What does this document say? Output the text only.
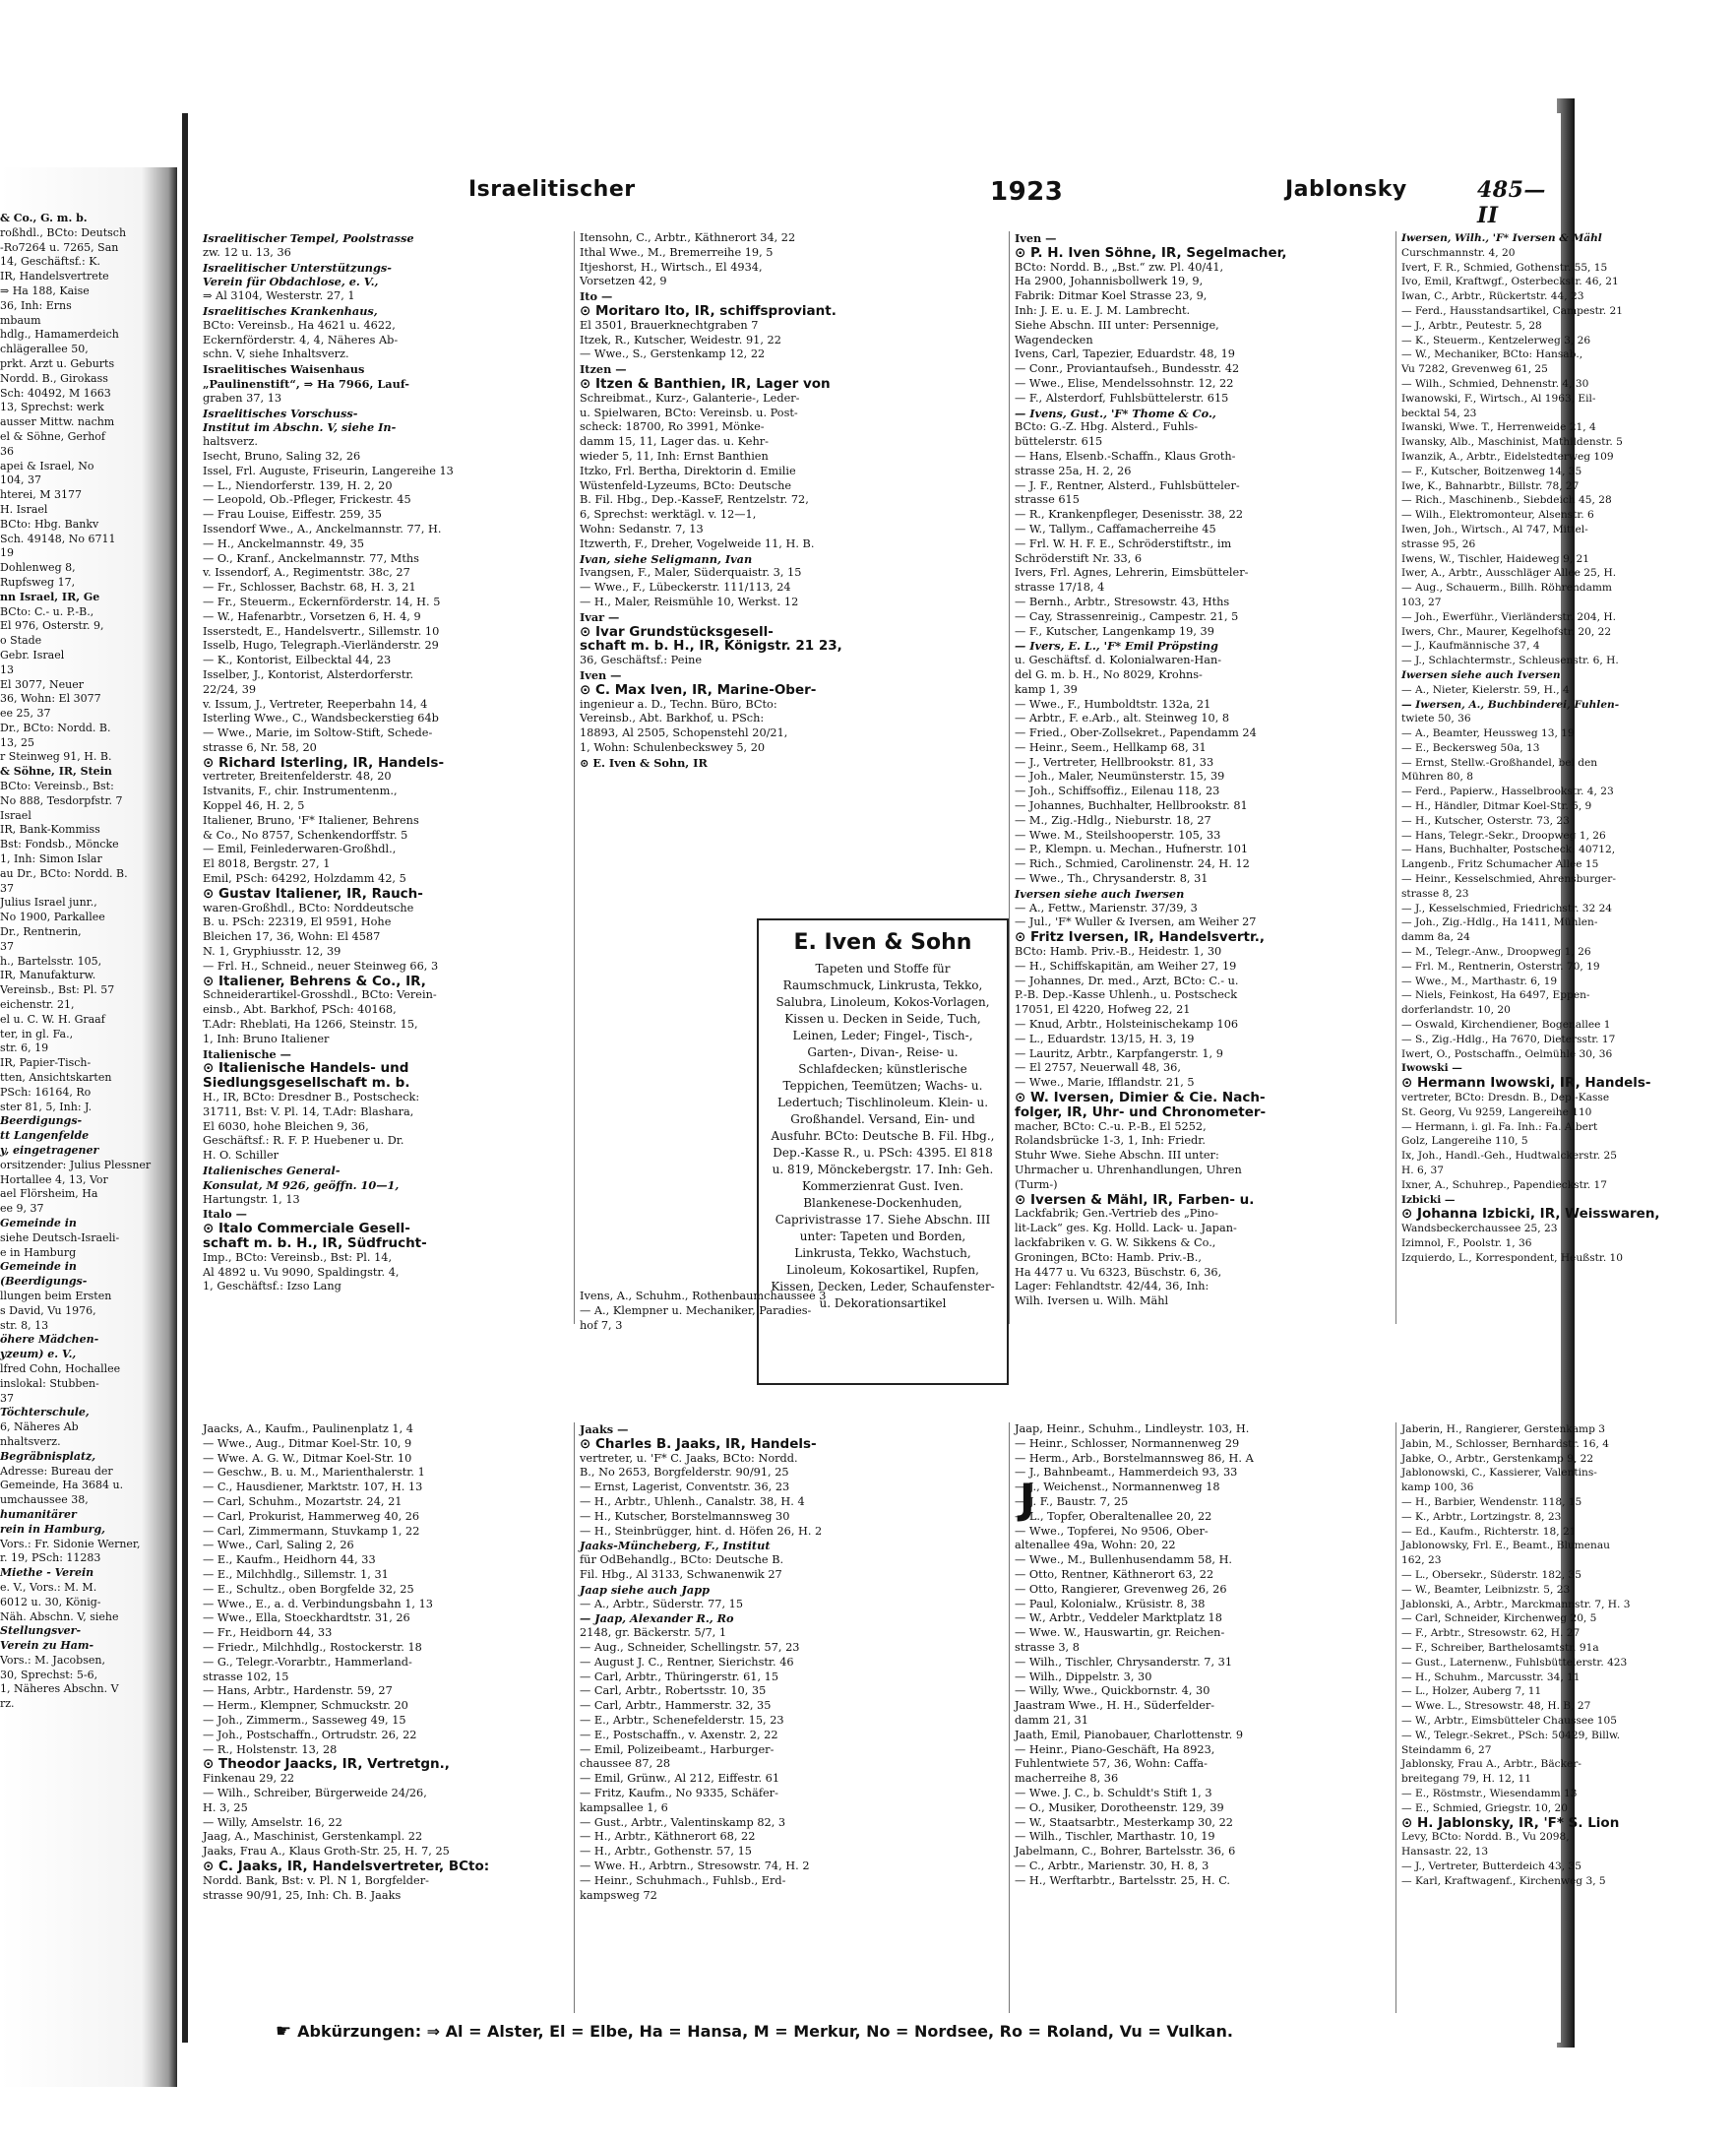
& Co., G. m. b.
roßhdl., BCto: Deutsch
-Ro7264 u. 7265, San
14, Geschäftsf.: K.
IR, Handelsvertrete
⇒ Ha 188, Kaise
36, Inh: Erns
mbaum
hdlg., Hamamerdeich
chlägerallee 50,
prkt. Arzt u. Geburts
Nordd. B., Girokass
Sch: 40492, M 1663
13, Sprechst: werk
ausser Mittw. nachm
el & Söhne, Gerhof
36
apei & Israel, No
104, 37
hterei, M 3177
H. Israel
BCto: Hbg. Bankv
Sch. 49148, No 6711
19
Dohlenweg 8,
Rupfsweg 17,
nn Israel, IR, Ge
BCto: C.- u. P.-B.,
El 976, Osterstr. 9,
o Stade
Gebr. Israel
13
El 3077, Neuer
36, Wohn: El 3077
ee 25, 37
Dr., BCto: Nordd. B.
13, 25
r Steinweg 91, H. B.
& Söhne, IR, Stein
BCto: Vereinsb., Bst:
No 888, Tesdorpfstr. 7
Israel
IR, Bank-Kommiss
Bst: Fondsb., Möncke
1, Inh: Simon Islar
au Dr., BCto: Nordd. B.
37
Julius Israel junr.,
No 1900, Parkallee
Dr., Rentnerin,
37
h., Bartelsstr. 105,
IR, Manufakturw.
Vereinsb., Bst: Pl. 57
eichenstr. 21,
el u. C. W. H. Graaf
ter, in gl. Fa.,
str. 6, 19
IR, Papier-Tisch-
tten, Ansichtskarten
PSch: 16164, Ro
ster 81, 5, Inh: J.
Beerdigungs-
tt Langenfelde
y, eingetragener
orsitzender: Julius Plessner
Hortallee 4, 13, Vor
ael Flörsheim, Ha
ee 9, 37
Gemeinde in
siehe Deutsch-Israeli-
e in Hamburg
Gemeinde in
(Beerdigungs-
llungen beim Ersten
s David, Vu 1976,
str. 8, 13
öhere Mädchen-
yzeum) e. V.,
lfred Cohn, Hochallee
inslokal: Stubben-
37
Töchterschule,
6, Näheres Ab
nhaltsverz.
Begräbnisplatz,
Adresse: Bureau der
Gemeinde, Ha 3684 u.
umchaussee 38,
humanitärer
rein in Hamburg,
Vors.: Fr. Sidonie Werner,
r. 19, PSch: 11283
Miethe - Verein
e. V., Vors.: M. M.
6012 u. 30, König-
Näh. Abschn. V, siehe
Stellungsver-
Verein zu Ham-
Vors.: M. Jacobsen,
30, Sprechst: 5-6,
1, Näheres Abschn. V
rz.
Israelitischer	1923	Jablonsky	485—II
Israelitischer Tempel, Poolstrasse
zw. 12 u. 13, 36
Israelitischer Unterstützungs-
Verein für Obdachlose, e. V.,
⇒ Al 3104, Westerstr. 27, 1
Israelitisches Krankenhaus,
BCto: Vereinsb., Ha 4621 u. 4622,
Eckernförderstr. 4, 4, Näheres Ab-
schn. V, siehe Inhaltsverz.
Israelitisches Waisenhaus
„Paulinenstift“, ⇒ Ha 7966, Lauf-
graben 37, 13
Israelitisches Vorschuss-
Institut im Abschn. V, siehe In-
haltsverz.
Isecht, Bruno, Saling 32, 26
Issel, Frl. Auguste, Friseurin, Langereihe 13
— L., Niendorferstr. 139, H. 2, 20
— Leopold, Ob.-Pfleger, Frickestr. 45
— Frau Louise, Eiffestr. 259, 35
Issendorf Wwe., A., Anckelmannstr. 77, H.
— H., Anckelmannstr. 49, 35
— O., Kranf., Anckelmannstr. 77, Mths
v. Issendorf, A., Regimentstr. 38c, 27
— Fr., Schlosser, Bachstr. 68, H. 3, 21
— Fr., Steuerm., Eckernförderstr. 14, H. 5
— W., Hafenarbtr., Vorsetzen 6, H. 4, 9
Isserstedt, E., Handelsvertr., Sillemstr. 10
Isselb, Hugo, Telegraph.-Vierländerstr. 29
— K., Kontorist, Eilbecktal 44, 23
Isselber, J., Kontorist, Alsterdorferstr.
22/24, 39
v. Issum, J., Vertreter, Reeperbahn 14, 4
Isterling Wwe., C., Wandsbeckerstieg 64b
— Wwe., Marie, im Soltow-Stift, Schede-
strasse 6, Nr. 58, 20
⊙ Richard Isterling, IR, Handels-
vertreter, Breitenfelderstr. 48, 20
Istvanits, F., chir. Instrumentenm.,
Koppel 46, H. 2, 5
Italiener, Bruno, 'F* Italiener, Behrens
& Co., No 8757, Schenkendorffstr. 5
— Emil, Feinlederwaren-Großhdl.,
El 8018, Bergstr. 27, 1
Emil, PSch: 64292, Holzdamm 42, 5
⊙ Gustav Italiener, IR, Rauch-
waren-Großhdl., BCto: Norddeutsche
B. u. PSch: 22319, El 9591, Hohe
Bleichen 17, 36, Wohn: El 4587
N. 1, Gryphiusstr. 12, 39
— Frl. H., Schneid., neuer Steinweg 66, 3
⊙ Italiener, Behrens & Co., IR,
Schneiderartikel-Grosshdl., BCto: Verein-
einsb., Abt. Barkhof, PSch: 40168,
T.Adr: Rheblati, Ha 1266, Steinstr. 15,
1, Inh: Bruno Italiener
Italienische —
⊙ Italienische Handels- und
Siedlungsgesellschaft m. b.
H., IR, BCto: Dresdner B., Postscheck:
31711, Bst: V. Pl. 14, T.Adr: Blashara,
El 6030, hohe Bleichen 9, 36,
Geschäftsf.: R. F. P. Huebener u. Dr.
H. O. Schiller
Italienisches General-
Konsulat, M 926, geöffn. 10—1,
Hartungstr. 1, 13
Italo —
⊙ Italo Commerciale Gesell-
schaft m. b. H., IR, Südfrucht-
Imp., BCto: Vereinsb., Bst: Pl. 14,
Al 4892 u. Vu 9090, Spaldingstr. 4,
1, Geschäftsf.: Izso Lang
Itensohn, C., Arbtr., Käthnerort 34, 22
Ithal Wwe., M., Bremerreihe 19, 5
Itjeshorst, H., Wirtsch., El 4934,
Vorsetzen 42, 9
Ito —
⊙ Moritaro Ito, IR, schiffsproviant.
El 3501, Brauerknechtgraben 7
Itzek, R., Kutscher, Weidestr. 91, 22
— Wwe., S., Gerstenkamp 12, 22
Itzen —
⊙ Itzen & Banthien, IR, Lager von
Schreibmat., Kurz-, Galanterie-, Leder-
u. Spielwaren, BCto: Vereinsb. u. Post-
scheck: 18700, Ro 3991, Mönke-
damm 15, 11, Lager das. u. Kehr-
wieder 5, 11, Inh: Ernst Banthien
Itzko, Frl. Bertha, Direktorin d. Emilie
Wüstenfeld-Lyzeums, BCto: Deutsche
B. Fil. Hbg., Dep.-KasseF, Rentzelstr. 72,
6, Sprechst: werktägl. v. 12—1,
Wohn: Sedanstr. 7, 13
Itzwerth, F., Dreher, Vogelweide 11, H. B.
Ivan, siehe Seligmann, Ivan
Ivangsen, F., Maler, Süderquaistr. 3, 15
— Wwe., F., Lübeckerstr. 111/113, 24
— H., Maler, Reismühle 10, Werkst. 12
Ivar —
⊙ Ivar Grundstücksgesell-
schaft m. b. H., IR, Königstr. 21 23,
36, Geschäftsf.: Peine
Iven —
⊙ C. Max Iven, IR, Marine-Ober-
ingenieur a. D., Techn. Büro, BCto:
Vereinsb., Abt. Barkhof, u. PSch:
18893, Al 2505, Schopenstehl 20/21,
1, Wohn: Schulenbeckswey 5, 20
⊙ E. Iven & Sohn, IR
Ivens, A., Schuhm., Rothenbaumchaussee 3
— A., Klempner u. Mechaniker, Paradies-
hof 7, 3
Iven —
⊙ P. H. Iven Söhne, IR, Segelmacher,
BCto: Nordd. B., „Bst.“ zw. Pl. 40/41,
Ha 2900, Johannisbollwerk 19, 9,
Fabrik: Ditmar Koel Strasse 23, 9,
Inh: J. E. u. E. J. M. Lambrecht.
Siehe Abschn. III unter: Persennige,
Wagendecken
Ivens, Carl, Tapezier, Eduardstr. 48, 19
— Conr., Proviantaufseh., Bundesstr. 42
— Wwe., Elise, Mendelssohnstr. 12, 22
— F., Alsterdorf, Fuhlsbüttelerstr. 615
— Ivens, Gust., 'F* Thome & Co.,
BCto: G.-Z. Hbg. Alsterd., Fuhls-
büttelerstr. 615
— Hans, Elsenb.-Schaffn., Klaus Groth-
strasse 25a, H. 2, 26
— J. F., Rentner, Alsterd., Fuhlsbütteler-
strasse 615
— R., Krankenpfleger, Desenisstr. 38, 22
— W., Tallym., Caffamacherreihe 45
— Frl. W. H. F. E., Schröderstiftstr., im
Schröderstift Nr. 33, 6
Ivers, Frl. Agnes, Lehrerin, Eimsbütteler-
strasse 17/18, 4
— Bernh., Arbtr., Stresowstr. 43, Hths
— Cay, Strassenreinig., Campestr. 21, 5
— F., Kutscher, Langenkamp 19, 39
— Ivers, E. L., 'F* Emil Pröpsting
u. Geschäftsf. d. Kolonialwaren-Han-
del G. m. b. H., No 8029, Krohns-
kamp 1, 39
— Wwe., F., Humboldtstr. 132a, 21
— Arbtr., F. e.Arb., alt. Steinweg 10, 8
— Fried., Ober-Zollsekret., Papendamm 24
— Heinr., Seem., Hellkamp 68, 31
— J., Vertreter, Hellbrookstr. 81, 33
— Joh., Maler, Neumünsterstr. 15, 39
— Joh., Schiffsoffiz., Eilenau 118, 23
— Johannes, Buchhalter, Hellbrookstr. 81
— M., Zig.-Hdlg., Nieburstr. 18, 27
— Wwe. M., Steilshooperstr. 105, 33
— P., Klempn. u. Mechan., Hufnerstr. 101
— Rich., Schmied, Carolinenstr. 24, H. 12
— Wwe., Th., Chrysanderstr. 8, 31
Iversen siehe auch Iwersen
— A., Fettw., Marienstr. 37/39, 3
— Jul., 'F* Wuller & Iversen, am Weiher 27
⊙ Fritz Iversen, IR, Handelsvertr.,
BCto: Hamb. Priv.-B., Heidestr. 1, 30
— H., Schiffskapitän, am Weiher 27, 19
— Johannes, Dr. med., Arzt, BCto: C.- u.
P.-B. Dep.-Kasse Uhlenh., u. Postscheck
17051, El 4220, Hofweg 22, 21
— Knud, Arbtr., Holsteinischekamp 106
— L., Eduardstr. 13/15, H. 3, 19
— Lauritz, Arbtr., Karpfangerstr. 1, 9
— El 2757, Neuerwall 48, 36,
— Wwe., Marie, Ifflandstr. 21, 5
⊙ W. Iversen, Dimier & Cie. Nach-
folger, IR, Uhr- und Chronometer-
macher, BCto: C.-u. P.-B., El 5252,
Rolandsbrücke 1-3, 1, Inh: Friedr.
Stuhr Wwe. Siehe Abschn. III unter:
Uhrmacher u. Uhrenhandlungen, Uhren
(Turm-)
⊙ Iversen & Mähl, IR, Farben- u.
Lackfabrik; Gen.-Vertrieb des „Pino-
lit-Lack“ ges. Kg. Holld. Lack- u. Japan-
lackfabriken v. G. W. Sikkens & Co.,
Groningen, BCto: Hamb. Priv.-B.,
Ha 4477 u. Vu 6323, Büschstr. 6, 36,
Lager: Fehlandtstr. 42/44, 36, Inh:
Wilh. Iversen u. Wilh. Mähl
Iwersen, Wilh., 'F* Iversen & Mähl
Curschmannstr. 4, 20
Ivert, F. R., Schmied, Gothenstr. 55, 15
Ivo, Emil, Kraftwgf., Osterbeckstr. 46, 21
Iwan, C., Arbtr., Rückertstr. 44, 23
— Ferd., Hausstandsartikel, Campestr. 21
— J., Arbtr., Peutestr. 5, 28
— K., Steuerm., Kentzelerweg 3, 26
— W., Mechaniker, BCto: Hansab.,
Vu 7282, Grevenweg 61, 25
— Wilh., Schmied, Dehnenstr. 4, 30
Iwanowski, F., Wirtsch., Al 1963, Eil-
becktal 54, 23
Iwanski, Wwe. T., Herrenweide 21, 4
Iwansky, Alb., Maschinist, Mathildenstr. 5
Iwanzik, A., Arbtr., Eidelstedterweg 109
— F., Kutscher, Boitzenweg 14, 35
Iwe, K., Bahnarbtr., Billstr. 78, 27
— Rich., Maschinenb., Siebdeich 45, 28
— Wilh., Elektromonteur, Alsenstr. 6
Iwen, Joh., Wirtsch., Al 747, Mittel-
strasse 95, 26
Iwens, W., Tischler, Haideweg 9, 21
Iwer, A., Arbtr., Ausschläger Allee 25, H.
— Aug., Schauerm., Billh. Röhrendamm
103, 27
— Joh., Ewerführ., Vierländerstr. 204, H.
Iwers, Chr., Maurer, Kegelhofstr. 20, 22
— J., Kaufmännische 37, 4
— J., Schlachtermstr., Schleusenstr. 6, H.
Iwersen siehe auch Iversen
— A., Nieter, Kielerstr. 59, H., 4
— Iwersen, A., Buchbinderei, Fuhlen-
twiete 50, 36
— A., Beamter, Heussweg 13, 19
— E., Beckersweg 50a, 13
— Ernst, Stellw.-Großhandel, bei den
Mühren 80, 8
— Ferd., Papierw., Hasselbrookstr. 4, 23
— H., Händler, Ditmar Koel-Str. 5, 9
— H., Kutscher, Osterstr. 73, 23
— Hans, Telegr.-Sekr., Droopweg 1, 26
— Hans, Buchhalter, Postscheck: 40712,
Langenb., Fritz Schumacher Allee 15
— Heinr., Kesselschmied, Ahrensburger-
strasse 8, 23
— J., Kesselschmied, Friedrichstr. 32 24
— Joh., Zig.-Hdlg., Ha 1411, Mühlen-
damm 8a, 24
— M., Telegr.-Anw., Droopweg 1, 26
— Frl. M., Rentnerin, Osterstr. 70, 19
— Wwe., M., Marthastr. 6, 19
— Niels, Feinkost, Ha 6497, Eppen-
dorferlandstr. 10, 20
— Oswald, Kirchendiener, Bogenallee 1
— S., Zig.-Hdlg., Ha 7670, Dietersstr. 17
Iwert, O., Postschaffn., Oelmühle 30, 36
Iwowski —
⊙ Hermann Iwowski, IR, Handels-
vertreter, BCto: Dresdn. B., Dep.-Kasse
St. Georg, Vu 9259, Langereihe 110
— Hermann, i. gl. Fa. Inh.: Fa. Albert
Golz, Langereihe 110, 5
Ix, Joh., Handl.-Geh., Hudtwalckerstr. 25
H. 6, 37
Ixner, A., Schuhrep., Papendieckstr. 17
Izbicki —
⊙ Johanna Izbicki, IR, Weisswaren,
Wandsbeckerchaussee 25, 23
Izimnol, F., Poolstr. 1, 36
Izquierdo, L., Korrespondent, Heußstr. 10
E. Iven & Sohn
Tapeten und Stoffe für Raumschmuck, Linkrusta, Tekko, Salubra, Linoleum, Kokos-Vorlagen, Kissen u. Decken in Seide, Tuch, Leinen, Leder; Fingel-, Tisch-, Garten-, Divan-, Reise- u. Schlafdecken; künstlerische Teppichen, Teemützen; Wachs- u. Ledertuch; Tischlinoleum. Klein- u. Großhandel. Versand, Ein- und Ausfuhr. BCto: Deutsche B. Fil. Hbg., Dep.-Kasse R., u. PSch: 4395. El 818 u. 819, Mönckebergstr. 17. Inh: Geh. Kommerzienrat Gust. Iven. Blankenese-Dockenhuden, Caprivistrasse 17. Siehe Abschn. III unter: Tapeten und Borden, Linkrusta, Tekko, Wachstuch, Linoleum, Kokosartikel, Rupfen, Kissen, Decken, Leder, Schaufenster- u. Dekorationsartikel
J
Jaacks, A., Kaufm., Paulinenplatz 1, 4
— Wwe., Aug., Ditmar Koel-Str. 10, 9
— Wwe. A. G. W., Ditmar Koel-Str. 10
— Geschw., B. u. M., Marienthalerstr. 1
— C., Hausdiener, Marktstr. 107, H. 13
— Carl, Schuhm., Mozartstr. 24, 21
— Carl, Prokurist, Hammerweg 40, 26
— Carl, Zimmermann, Stuvkamp 1, 22
— Wwe., Carl, Saling 2, 26
— E., Kaufm., Heidhorn 44, 33
— E., Milchhdlg., Sillemstr. 1, 31
— E., Schultz., oben Borgfelde 32, 25
— Wwe., E., a. d. Verbindungsbahn 1, 13
— Wwe., Ella, Stoeckhardtstr. 31, 26
— Fr., Heidborn 44, 33
— Friedr., Milchhdlg., Rostockerstr. 18
— G., Telegr.-Vorarbtr., Hammerland-
strasse 102, 15
— Hans, Arbtr., Hardenstr. 59, 27
— Herm., Klempner, Schmuckstr. 20
— Joh., Zimmerm., Sasseweg 49, 15
— Joh., Postschaffn., Ortrudstr. 26, 22
— R., Holstenstr. 13, 28
⊙ Theodor Jaacks, IR, Vertretgn.,
Finkenau 29, 22
— Wilh., Schreiber, Bürgerweide 24/26,
H. 3, 25
— Willy, Amselstr. 16, 22
Jaag, A., Maschinist, Gerstenkampl. 22
Jaaks, Frau A., Klaus Groth-Str. 25, H. 7, 25
⊙ C. Jaaks, IR, Handelsvertreter, BCto:
Nordd. Bank, Bst: v. Pl. N 1, Borgfelder-
strasse 90/91, 25, Inh: Ch. B. Jaaks
Jaaks —
⊙ Charles B. Jaaks, IR, Handels-
vertreter, u. 'F* C. Jaaks, BCto: Nordd.
B., No 2653, Borgfelderstr. 90/91, 25
— Ernst, Lagerist, Conventstr. 36, 23
— H., Arbtr., Uhlenh., Canalstr. 38, H. 4
— H., Kutscher, Borstelmannsweg 30
— H., Steinbrügger, hint. d. Höfen 26, H. 2
Jaaks-Müncheberg, F., Institut
für OdBehandlg., BCto: Deutsche B.
Fil. Hbg., Al 3133, Schwanenwik 27
Jaap siehe auch Japp
— A., Arbtr., Süderstr. 77, 15
— Jaap, Alexander R., Ro
2148, gr. Bäckerstr. 5/7, 1
— Aug., Schneider, Schellingstr. 57, 23
— August J. C., Rentner, Sierichstr. 46
— Carl, Arbtr., Thüringerstr. 61, 15
— Carl, Arbtr., Robertsstr. 10, 35
— Carl, Arbtr., Hammerstr. 32, 35
— E., Arbtr., Schenefelderstr. 15, 23
— E., Postschaffn., v. Axenstr. 2, 22
— Emil, Polizeibeamt., Harburger-
chaussee 87, 28
— Emil, Grünw., Al 212, Eiffestr. 61
— Fritz, Kaufm., No 9335, Schäfer-
kampsallee 1, 6
— Gust., Arbtr., Valentinskamp 82, 3
— H., Arbtr., Käthnerort 68, 22
— H., Arbtr., Gothenstr. 57, 15
— Wwe. H., Arbtrn., Stresowstr. 74, H. 2
— Heinr., Schuhmach., Fuhlsb., Erd-
kampsweg 72
Jaap, Heinr., Schuhm., Lindleystr. 103, H.
— Heinr., Schlosser, Normannenweg 29
— Herm., Arb., Borstelmannsweg 86, H. A
— J., Bahnbeamt., Hammerdeich 93, 33
— J., Weichenst., Normannenweg 18
— J. F., Baustr. 7, 25
— L., Topfer, Oberaltenallee 20, 22
— Wwe., Topferei, No 9506, Ober-
altenallee 49a, Wohn: 20, 22
— Wwe., M., Bullenhusendamm 58, H.
— Otto, Rentner, Käthnerort 63, 22
— Otto, Rangierer, Grevenweg 26, 26
— Paul, Kolonialw., Krüsistr. 8, 38
— W., Arbtr., Veddeler Marktplatz 18
— Wwe. W., Hauswartin, gr. Reichen-
strasse 3, 8
— Wilh., Tischler, Chrysanderstr. 7, 31
— Wilh., Dippelstr. 3, 30
— Willy, Wwe., Quickbornstr. 4, 30
Jaastram Wwe., H. H., Süderfelder-
damm 21, 31
Jaath, Emil, Pianobauer, Charlottenstr. 9
— Heinr., Piano-Geschäft, Ha 8923,
Fuhlentwiete 57, 36, Wohn: Caffa-
macherreihe 8, 36
— Wwe. J. C., b. Schuldt's Stift 1, 3
— O., Musiker, Dorotheenstr. 129, 39
— W., Staatsarbtr., Mesterkamp 30, 22
— Wilh., Tischler, Marthastr. 10, 19
Jabelmann, C., Bohrer, Bartelsstr. 36, 6
— C., Arbtr., Marienstr. 30, H. 8, 3
— H., Werftarbtr., Bartelsstr. 25, H. C.
Jaberin, H., Rangierer, Gerstenkamp 3
Jabin, M., Schlosser, Bernhardstr. 16, 4
Jabke, O., Arbtr., Gerstenkamp 9, 22
Jablonowski, C., Kassierer, Valentins-
kamp 100, 36
— H., Barbier, Wendenstr. 118, 15
— K., Arbtr., Lortzingstr. 8, 23
— Ed., Kaufm., Richterstr. 18, 21
Jablonowsky, Frl. E., Beamt., Blumenau
162, 23
— L., Obersekr., Süderstr. 182, 35
— W., Beamter, Leibnizstr. 5, 23
Jablonski, A., Arbtr., Marckmannstr. 7, H. 3
— Carl, Schneider, Kirchenweg 20, 5
— F., Arbtr., Stresowstr. 62, H. 27
— F., Schreiber, Barthelosamtstr. 91a
— Gust., Laternenw., Fuhlsbüttelerstr. 423
— H., Schuhm., Marcusstr. 34, 11
— L., Holzer, Auberg 7, 11
— Wwe. L., Stresowstr. 48, H. B, 27
— W., Arbtr., Eimsbütteler Chaussee 105
— W., Telegr.-Sekret., PSch: 50429, Billw.
Steindamm 6, 27
Jablonsky, Frau A., Arbtr., Bäcker-
breitegang 79, H. 12, 11
— E., Röstmstr., Wiesendamm 13
— E., Schmied, Griegstr. 10, 20
⊙ H. Jablonsky, IR, 'F* S. Lion
Levy, BCto: Nordd. B., Vu 2098,
Hansastr. 22, 13
— J., Vertreter, Butterdeich 43, 35
— Karl, Kraftwagenf., Kirchenweg 3, 5
☛ Abkürzungen: ⇒ Al = Alster, El = Elbe, Ha = Hansa, M = Merkur, No = Nordsee, Ro = Roland, Vu = Vulkan.
